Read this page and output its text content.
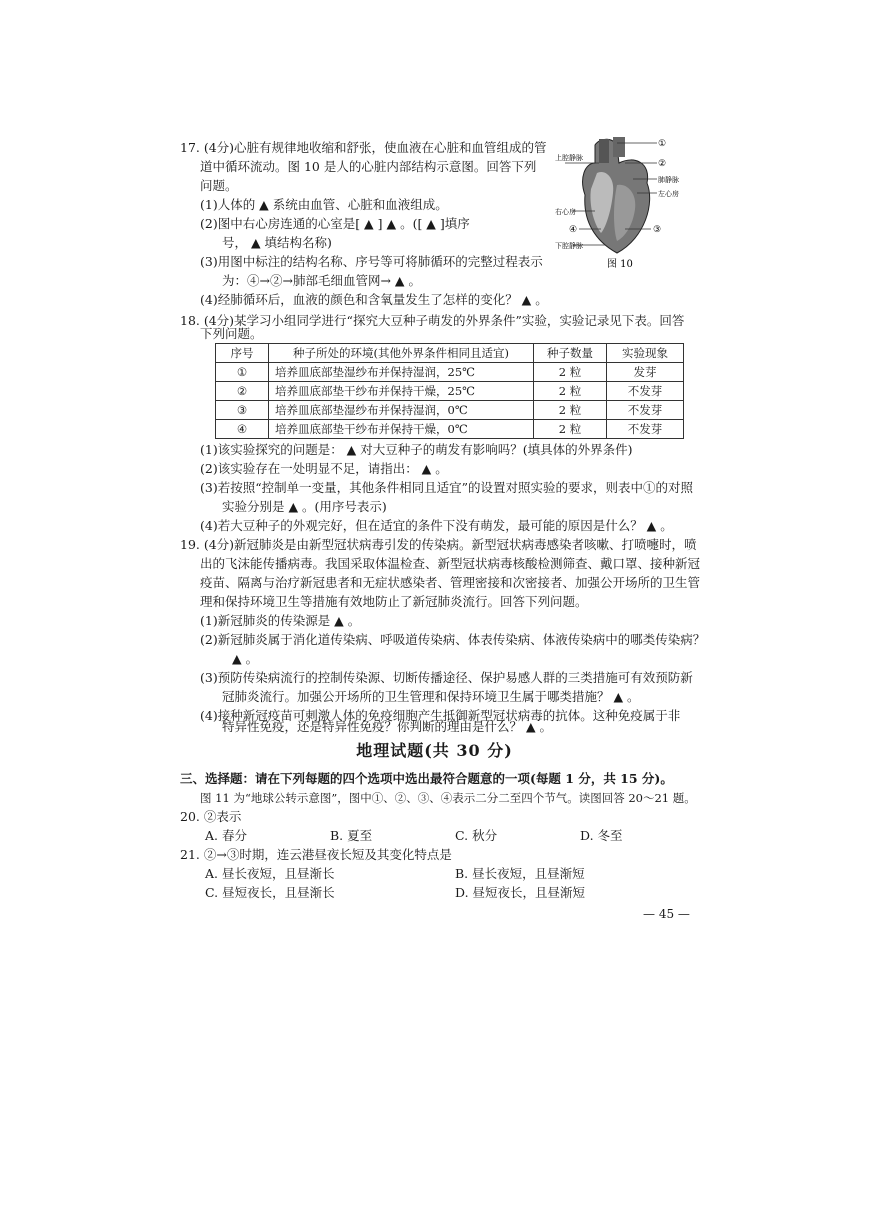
17. (4分)心脏有规律地收缩和舒张，使血液在心脏和血管组成的管
道中循环流动。图 10 是人的心脏内部结构示意图。回答下列
问题。
(1)人体的 ▲ 系统由血管、心脏和血液组成。
(2)图中右心房连通的心室是[ ▲ ] ▲ 。([ ▲ ]填序
号， ▲ 填结构名称)
(3)用图中标注的结构名称、序号等可将肺循环的完整过程表示
为：④→②→肺部毛细血管网→ ▲ 。
(4)经肺循环后，血液的颜色和含氧量发生了怎样的变化？ ▲ 。
①
②
上腔静脉
肺静脉
左心房
右心房
④	③
下腔静脉
图 10
18. (4分)某学习小组同学进行“探究大豆种子萌发的外界条件”实验，实验记录见下表。回答
下列问题。
序号	种子所处的环境(其他外界条件相同且适宜)	种子数量	实验现象
①	培养皿底部垫湿纱布并保持湿润，25℃	2 粒	发芽
②	培养皿底部垫干纱布并保持干燥，25℃	2 粒	不发芽
③	培养皿底部垫湿纱布并保持湿润，0℃	2 粒	不发芽
④	培养皿底部垫干纱布并保持干燥，0℃	2 粒	不发芽
(1)该实验探究的问题是： ▲ 对大豆种子的萌发有影响吗？(填具体的外界条件)
(2)该实验存在一处明显不足，请指出： ▲ 。
(3)若按照“控制单一变量，其他条件相同且适宜”的设置对照实验的要求，则表中①的对照
实验分别是 ▲ 。(用序号表示)
(4)若大豆种子的外观完好，但在适宜的条件下没有萌发，最可能的原因是什么？ ▲ 。
19. (4分)新冠肺炎是由新型冠状病毒引发的传染病。新型冠状病毒感染者咳嗽、打喷嚏时，喷
出的飞沫能传播病毒。我国采取体温检查、新型冠状病毒核酸检测筛查、戴口罩、接种新冠
疫苗、隔离与治疗新冠患者和无症状感染者、管理密接和次密接者、加强公开场所的卫生管
理和保持环境卫生等措施有效地防止了新冠肺炎流行。回答下列问题。
(1)新冠肺炎的传染源是 ▲ 。
(2)新冠肺炎属于消化道传染病、呼吸道传染病、体表传染病、体液传染病中的哪类传染病？
▲ 。
(3)预防传染病流行的控制传染源、切断传播途径、保护易感人群的三类措施可有效预防新
冠肺炎流行。加强公开场所的卫生管理和保持环境卫生属于哪类措施？ ▲ 。
(4)接种新冠疫苗可刺激人体的免疫细胞产生抵御新型冠状病毒的抗体。这种免疫属于非
特异性免疫，还是特异性免疫？你判断的理由是什么？ ▲ 。
地理试题(共 30 分)
三、选择题：请在下列每题的四个选项中选出最符合题意的一项(每题 1 分，共 15 分)。
图 11 为“地球公转示意图”，图中①、②、③、④表示二分二至四个节气。读图回答 20～21 题。
20. ②表示
A. 春分	B. 夏至	C. 秋分	D. 冬至
21. ②→③时期，连云港昼夜长短及其变化特点是
A. 昼长夜短，且昼渐长	B. 昼长夜短，且昼渐短
C. 昼短夜长，且昼渐长	D. 昼短夜长，且昼渐短
— 45 —
